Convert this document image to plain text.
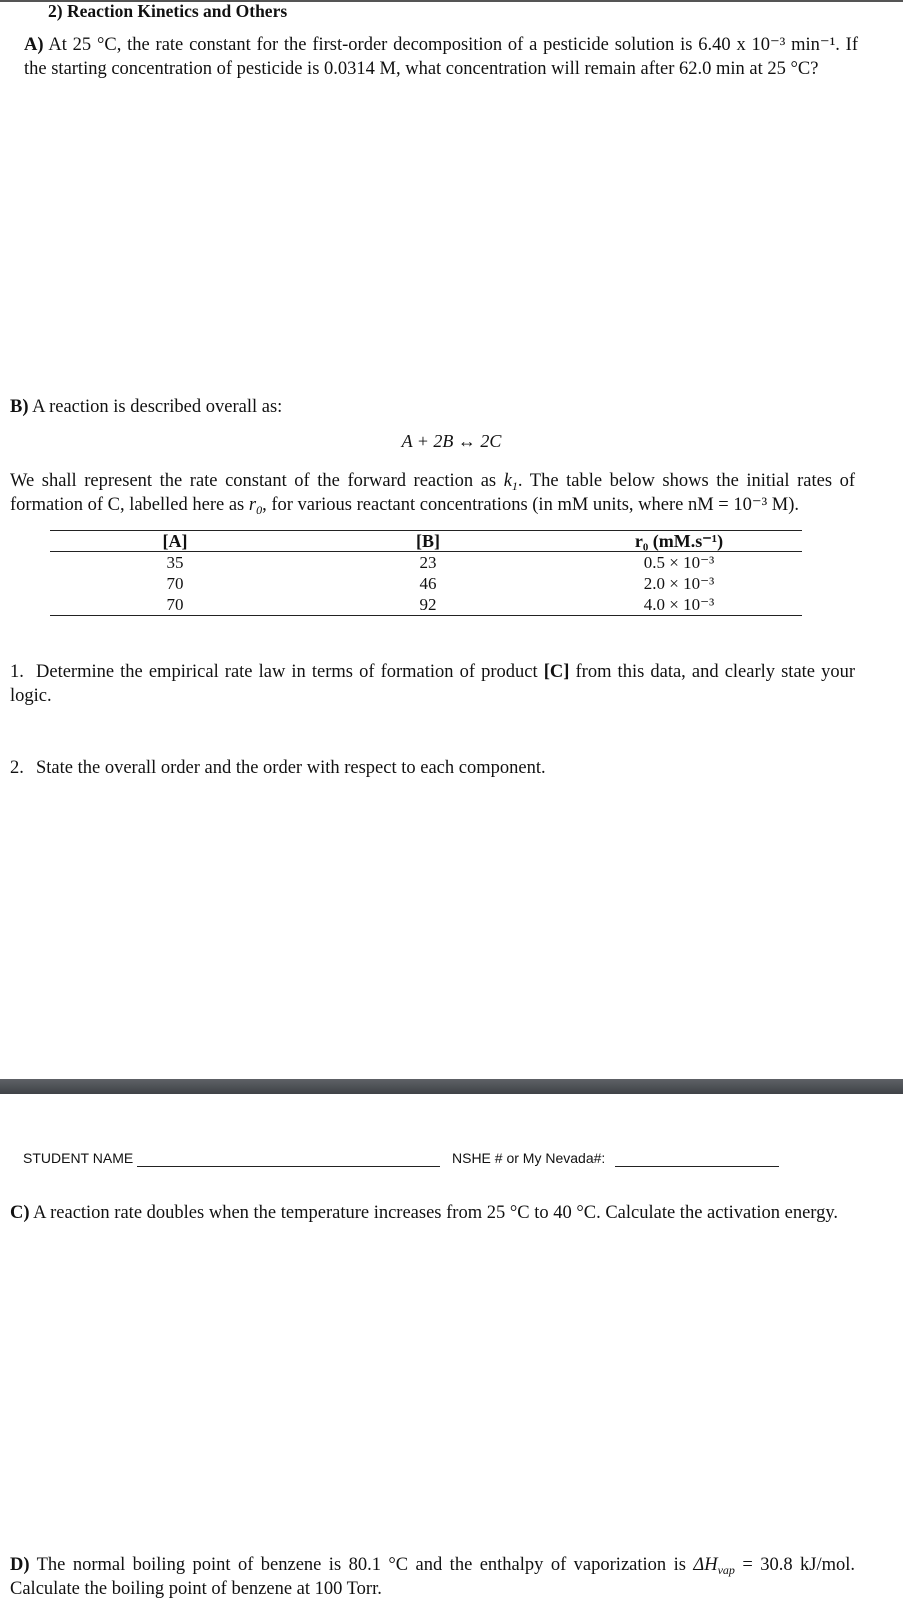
2) Reaction Kinetics and Others
A) At 25 °C, the rate constant for the first-order decomposition of a pesticide solution is 6.40 x 10⁻³ min⁻¹. If the starting concentration of pesticide is 0.0314 M, what concentration will remain after 62.0 min at 25 °C?
B) A reaction is described overall as:
A + 2B ↔ 2C
We shall represent the rate constant of the forward reaction as $k_1$. The table below shows the initial rates of formation of C, labelled here as $r_0$, for various reactant concentrations (in mM units, where nM = 10⁻³ M).
[A]	[B]	r₀ (mM.s⁻¹)
35	23	0.5 × 10⁻³
70	46	2.0 × 10⁻³
70	92	4.0 × 10⁻³
1. Determine the empirical rate law in terms of formation of product [C] from this data, and clearly state your logic.
2. State the overall order and the order with respect to each component.
STUDENT NAME	NSHE # or My Nevada#:
C) A reaction rate doubles when the temperature increases from 25 °C to 40 °C. Calculate the activation energy.
D) The normal boiling point of benzene is 80.1 °C and the enthalpy of vaporization is $\Delta H_{vap} = 30.8$ kJ/mol. Calculate the boiling point of benzene at 100 Torr.
